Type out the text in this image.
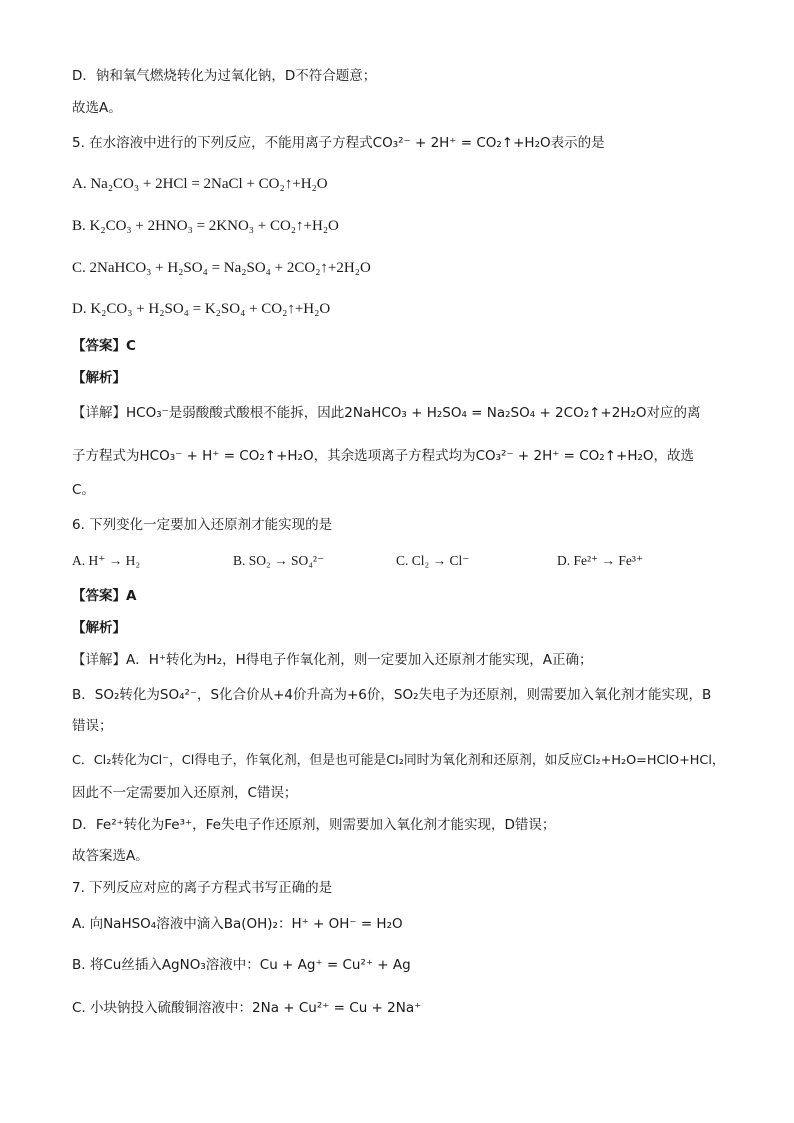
D．钠和氧气燃烧转化为过氧化钠，D不符合题意；
故选A。
5. 在水溶液中进行的下列反应，不能用离子方程式CO₃²⁻ + 2H⁺ = CO₂↑+H₂O表示的是
A. Na₂CO₃ + 2HCl = 2NaCl + CO₂↑+H₂O
B. K₂CO₃ + 2HNO₃ = 2KNO₃ + CO₂↑+H₂O
C. 2NaHCO₃ + H₂SO₄ = Na₂SO₄ + 2CO₂↑+2H₂O
D. K₂CO₃ + H₂SO₄ = K₂SO₄ + CO₂↑+H₂O
【答案】C
【解析】
【详解】HCO₃⁻是弱酸酸式酸根不能拆，因此2NaHCO₃ + H₂SO₄ = Na₂SO₄ + 2CO₂↑+2H₂O对应的离
子方程式为HCO₃⁻ + H⁺ = CO₂↑+H₂O，其余选项离子方程式均为CO₃²⁻ + 2H⁺ = CO₂↑+H₂O，故选
C。
6. 下列变化一定要加入还原剂才能实现的是
A. H⁺ → H₂	B. SO₂ → SO₄²⁻	C. Cl₂ → Cl⁻	D. Fe²⁺ → Fe³⁺
【答案】A
【解析】
【详解】A．H⁺转化为H₂，H得电子作氧化剂，则一定要加入还原剂才能实现，A正确；
B．SO₂转化为SO₄²⁻，S化合价从+4价升高为+6价，SO₂失电子为还原剂，则需要加入氧化剂才能实现，B
错误；
C．Cl₂转化为Cl⁻，Cl得电子，作氧化剂，但是也可能是Cl₂同时为氧化剂和还原剂，如反应Cl₂+H₂O=HClO+HCl，
因此不一定需要加入还原剂，C错误；
D．Fe²⁺转化为Fe³⁺，Fe失电子作还原剂，则需要加入氧化剂才能实现，D错误；
故答案选A。
7. 下列反应对应的离子方程式书写正确的是
A. 向NaHSO₄溶液中滴入Ba(OH)₂：H⁺ + OH⁻ = H₂O
B. 将Cu丝插入AgNO₃溶液中：Cu + Ag⁺ = Cu²⁺ + Ag
C. 小块钠投入硫酸铜溶液中：2Na + Cu²⁺ = Cu + 2Na⁺
